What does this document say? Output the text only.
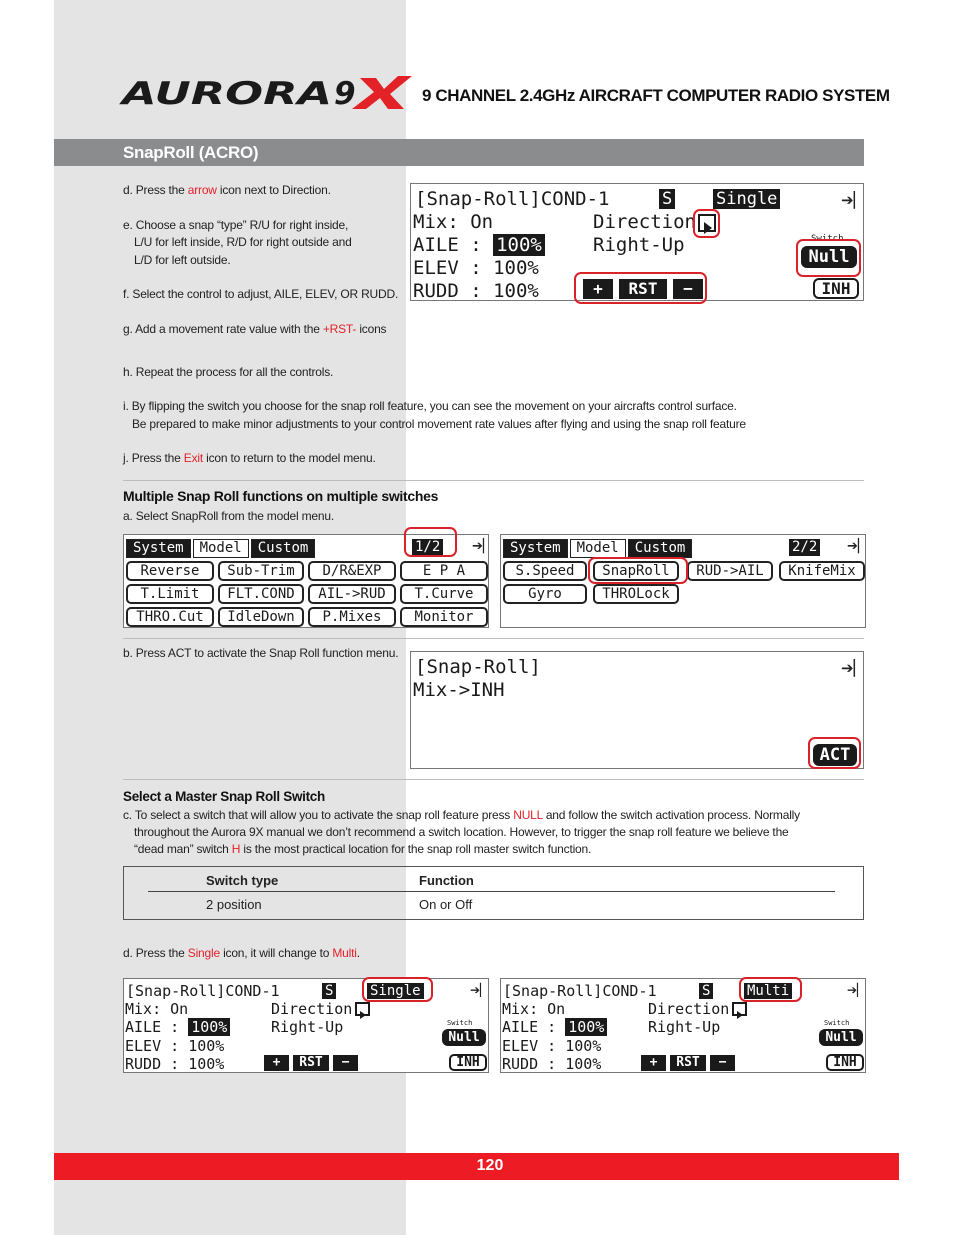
AURORA 9	9 CHANNEL 2.4GHz AIRCRAFT COMPUTER RADIO SYSTEM
SnapRoll (ACRO)
d. Press the arrow icon next to Direction.
e. Choose a snap “type” R/U for right inside,
L/U for left inside, R/D for right outside and
L/D for left outside.
f. Select the control to adjust, AILE, ELEV, OR RUDD.
g. Add a movement rate value with the +RST- icons
h. Repeat the process for all the controls.
i. By flipping the switch you choose for the snap roll feature, you can see the movement on your aircrafts control surface.
Be prepared to make minor adjustments to your control movement rate values after flying and using the snap roll feature
j. Press the Exit icon to return to the model menu.
[Snap-Roll]COND-1	S	Single	➔▏
Mix: On	Direction
AILE : 100%	Right-Up
ELEV : 100%
RUDD : 100%
Switch
Null
+	RST	−	INH
Multiple Snap Roll functions on multiple switches
a. Select SnapRoll from the model menu.
System	Model	Custom	1/2 ➔▏
Reverse	Sub-Trim	D/R&EXP	E P A
T.Limit	FLT.COND	AIL->RUD	T.Curve
THRO.Cut	IdleDown	P.Mixes	Monitor
System	Model	Custom	2/2 ➔▏
S.Speed	SnapRoll	RUD->AIL	KnifeMix
Gyro	THROLock
b. Press ACT to activate the Snap Roll function menu.
[Snap-Roll]	➔▏
Mix->INH
ACT
Select a Master Snap Roll Switch
c. To select a switch that will allow you to activate the snap roll feature press NULL and follow the switch activation process. Normally
throughout the Aurora 9X manual we don’t recommend a switch location. However, to trigger the snap roll feature we believe the
“dead man” switch H is the most practical location for the snap roll master switch function.
Switch type	Function
2 position	On or Off
d. Press the Single icon, it will change to Multi.
[Snap-Roll]COND-1	S	Single	➔▏
Mix: On	Direction
AILE : 100%	Right-Up
ELEV : 100%
RUDD : 100%
Switch
Null
+	RST	−	INH
[Snap-Roll]COND-1	S	Multi	➔▏
Mix: On	Direction
AILE : 100%	Right-Up
ELEV : 100%
RUDD : 100%
Switch
Null
+	RST	−	INH
120
